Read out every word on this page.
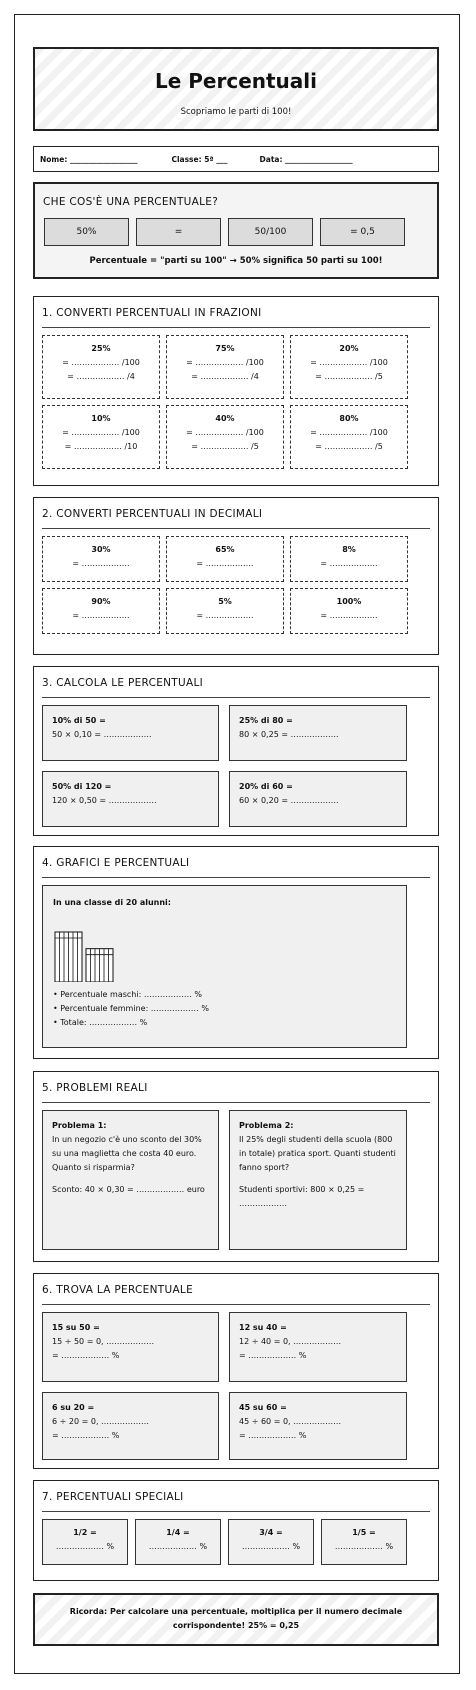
Le Percentuali
Scopriamo le parti di 100!
Nome: __________________	Classe: 5ª ___	Data: __________________
CHE COS'È UNA PERCENTUALE?
50%	=	50/100	= 0,5
Percentuale = "parti su 100" → 50% significa 50 parti su 100!
1. CONVERTI PERCENTUALI IN FRAZIONI
25%
= ……………… /100
= ……………… /4
75%
= ……………… /100
= ……………… /4
20%
= ……………… /100
= ……………… /5
10%
= ……………… /100
= ……………… /10
40%
= ……………… /100
= ……………… /5
80%
= ……………… /100
= ……………… /5
2. CONVERTI PERCENTUALI IN DECIMALI
30%
= ………………
65%
= ………………
8%
= ………………
90%
= ………………
5%
= ………………
100%
= ………………
3. CALCOLA LE PERCENTUALI
10% di 50 =
50 × 0,10 = ………………
25% di 80 =
80 × 0,25 = ………………
50% di 120 =
120 × 0,50 = ………………
20% di 60 =
60 × 0,20 = ………………
4. GRAFICI E PERCENTUALI
In una classe di 20 alunni:
• Percentuale maschi: ……………… %
• Percentuale femmine: ……………… %
• Totale: ……………… %
5. PROBLEMI REALI
Problema 1:
In un negozio c'è uno sconto del 30% su una maglietta che costa 40 euro. Quanto si risparmia?
Sconto: 40 × 0,30 = ……………… euro
Problema 2:
Il 25% degli studenti della scuola (800 in totale) pratica sport. Quanti studenti fanno sport?
Studenti sportivi: 800 × 0,25 = ………………
6. TROVA LA PERCENTUALE
15 su 50 =
15 ÷ 50 = 0, ………………
= ……………… %
12 su 40 =
12 ÷ 40 = 0, ………………
= ……………… %
6 su 20 =
6 ÷ 20 = 0, ………………
= ……………… %
45 su 60 =
45 ÷ 60 = 0, ………………
= ……………… %
7. PERCENTUALI SPECIALI
1/2 =
……………… %
1/4 =
……………… %
3/4 =
……………… %
1/5 =
……………… %
Ricorda: Per calcolare una percentuale, moltiplica per il numero decimale corrispondente! 25% = 0,25
